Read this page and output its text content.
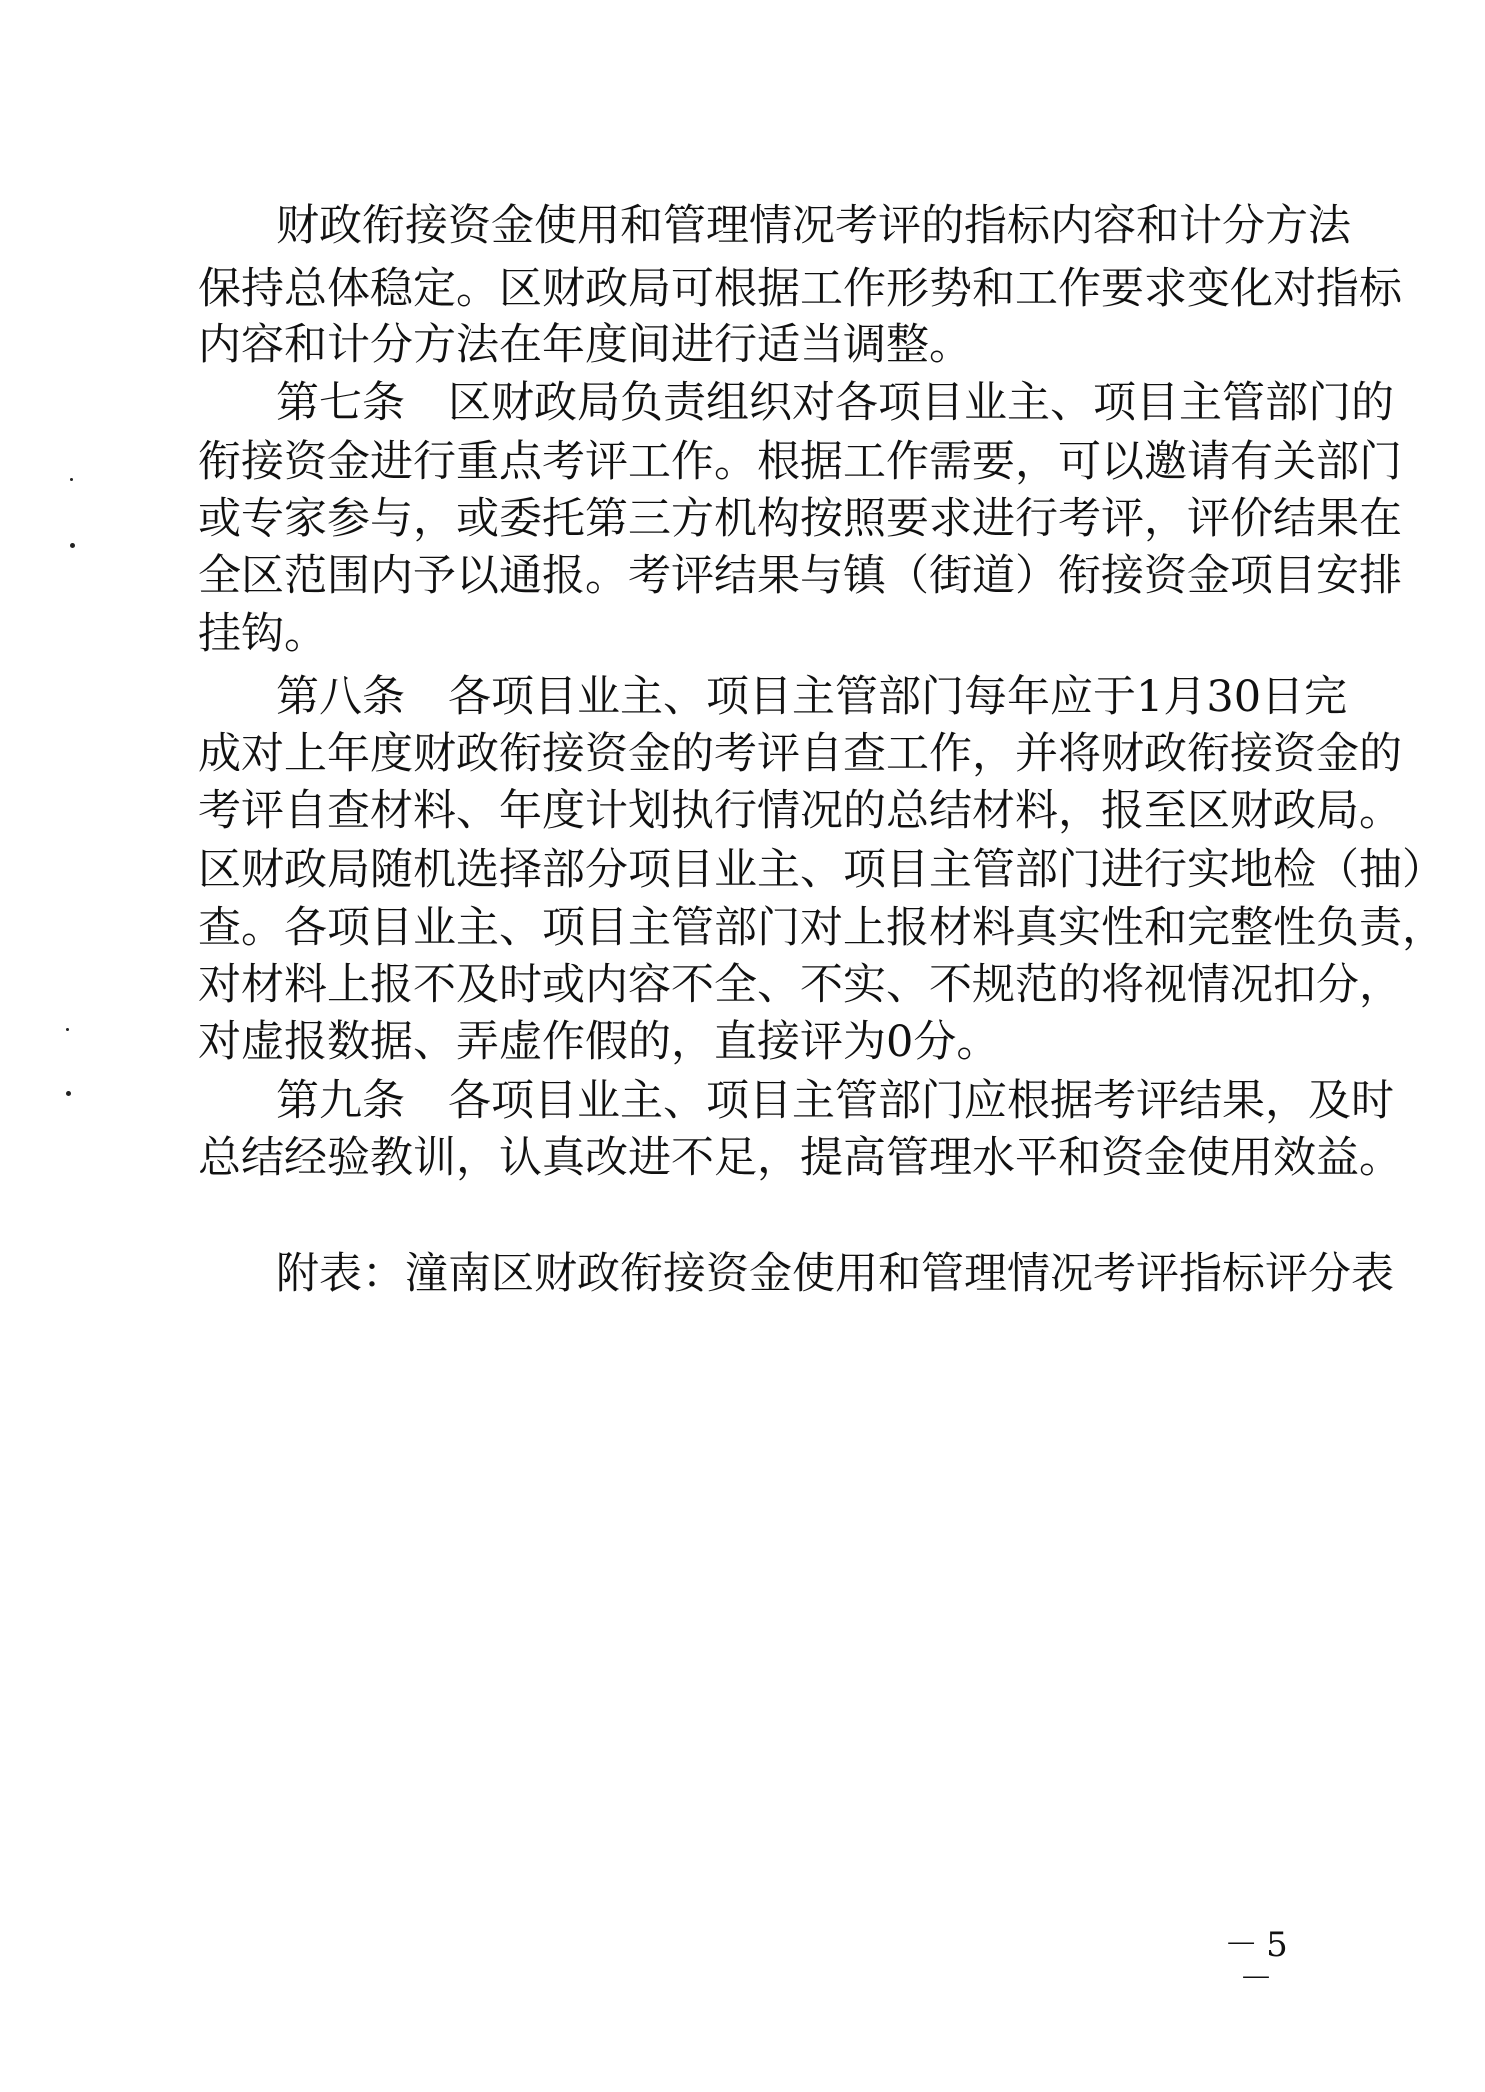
财政衔接资金使用和管理情况考评的指标内容和计分方法
保持总体稳定。区财政局可根据工作形势和工作要求变化对指标
内容和计分方法在年度间进行适当调整。
第七条　区财政局负责组织对各项目业主、项目主管部门的
衔接资金进行重点考评工作。根据工作需要，可以邀请有关部门
或专家参与，或委托第三方机构按照要求进行考评，评价结果在
全区范围内予以通报。考评结果与镇（街道）衔接资金项目安排
挂钩。
第八条　各项目业主、项目主管部门每年应于1月30日完
成对上年度财政衔接资金的考评自查工作，并将财政衔接资金的
考评自查材料、年度计划执行情况的总结材料，报至区财政局。
区财政局随机选择部分项目业主、项目主管部门进行实地检（抽）
查。各项目业主、项目主管部门对上报材料真实性和完整性负责，
对材料上报不及时或内容不全、不实、不规范的将视情况扣分，
对虚报数据、弄虚作假的，直接评为0分。
第九条　各项目业主、项目主管部门应根据考评结果，及时
总结经验教训，认真改进不足，提高管理水平和资金使用效益。
附表：潼南区财政衔接资金使用和管理情况考评指标评分表
－5－
